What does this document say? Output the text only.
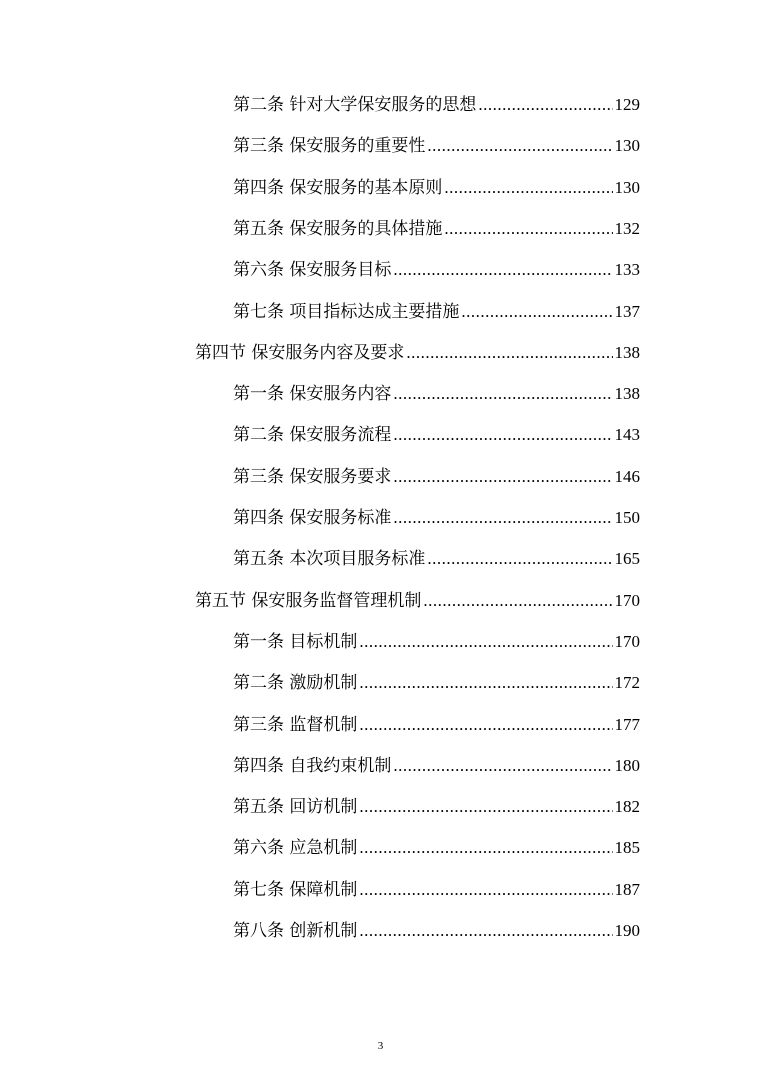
第二条 针对大学保安服务的思想 .....	129
第三条 保安服务的重要性 .....	130
第四条 保安服务的基本原则 .....	130
第五条 保安服务的具体措施 .....	132
第六条 保安服务目标 .....	133
第七条 项目指标达成主要措施 .....	137
第四节 保安服务内容及要求 .....	138
第一条 保安服务内容 .....	138
第二条 保安服务流程 .....	143
第三条 保安服务要求 .....	146
第四条 保安服务标准 .....	150
第五条 本次项目服务标准 .....	165
第五节 保安服务监督管理机制 .....	170
第一条 目标机制 .....	170
第二条 激励机制 .....	172
第三条 监督机制 .....	177
第四条 自我约束机制 .....	180
第五条 回访机制 .....	182
第六条 应急机制 .....	185
第七条 保障机制 .....	187
第八条 创新机制 .....	190
3
